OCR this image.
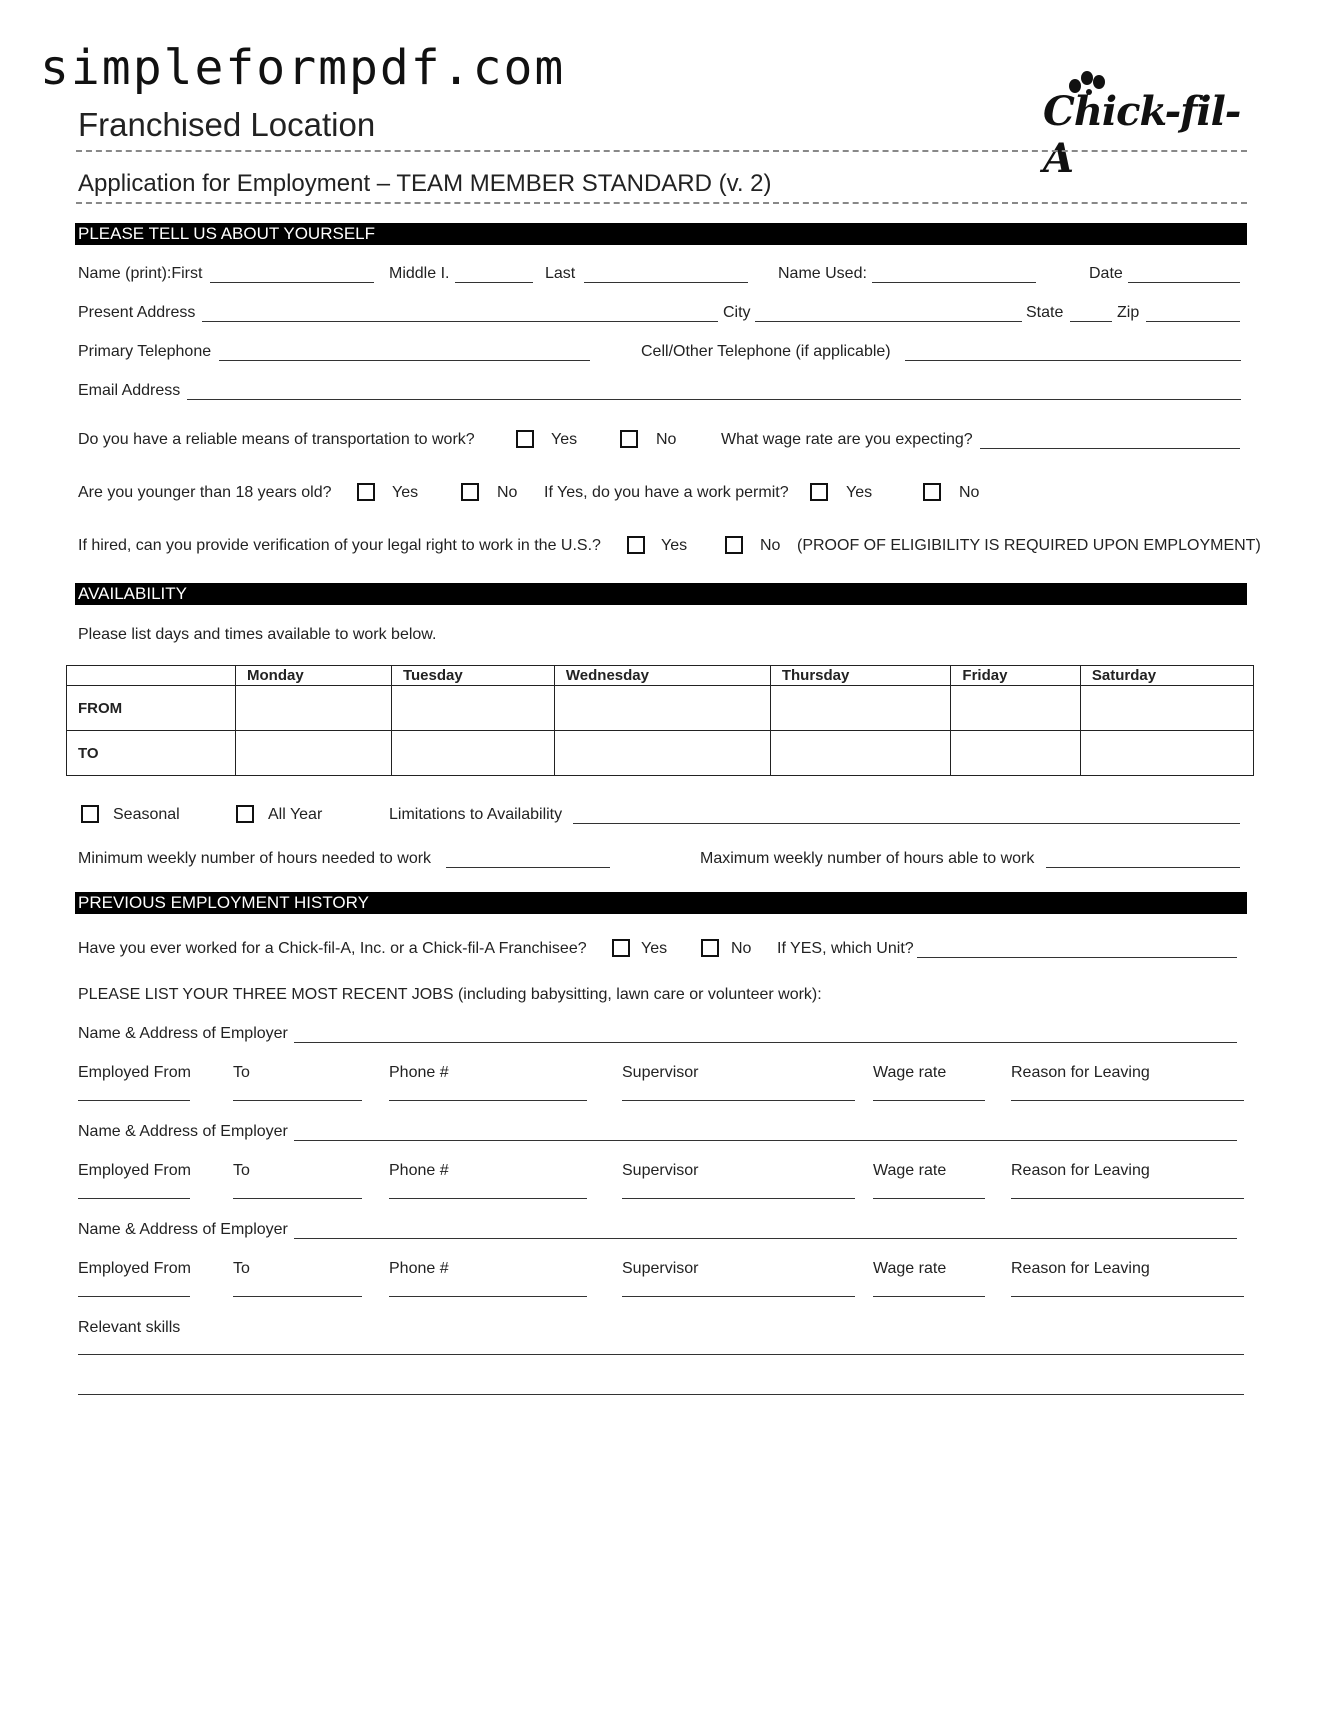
simpleformpdf.com
Franchised Location	Chick-fil-A
Application for Employment – TEAM MEMBER STANDARD (v. 2)
PLEASE TELL US ABOUT YOURSELF
Name (print):First	Middle I.	Last	Name Used:	Date
Present Address	City	State	Zip
Primary Telephone	Cell/Other Telephone (if applicable)
Email Address
Do you have a reliable means of transportation to work?	Yes	No	What wage rate are you expecting?
Are you younger than 18 years old?	Yes	No If Yes, do you have a work permit?	Yes	No
If hired, can you provide verification of your legal right to work in the U.S.?	Yes	No (PROOF OF ELIGIBILITY IS REQUIRED UPON EMPLOYMENT)
AVAILABILITY
Please list days and times available to work below.
	Monday	Tuesday	Wednesday	Thursday	Friday	Saturday
FROM						
TO						
Seasonal	All Year	Limitations to Availability
Minimum weekly number of hours needed to work	Maximum weekly number of hours able to work
PREVIOUS EMPLOYMENT HISTORY
Have you ever worked for a Chick-fil-A, Inc. or a Chick-fil-A Franchisee?	Yes	No If YES, which Unit?
PLEASE LIST YOUR THREE MOST RECENT JOBS (including babysitting, lawn care or volunteer work):
Name & Address of Employer
Employed From	To	Phone #	Supervisor	Wage rate	Reason for Leaving
Name & Address of Employer
Employed From	To	Phone #	Supervisor	Wage rate	Reason for Leaving
Name & Address of Employer
Employed From	To	Phone #	Supervisor	Wage rate	Reason for Leaving
Relevant skills
